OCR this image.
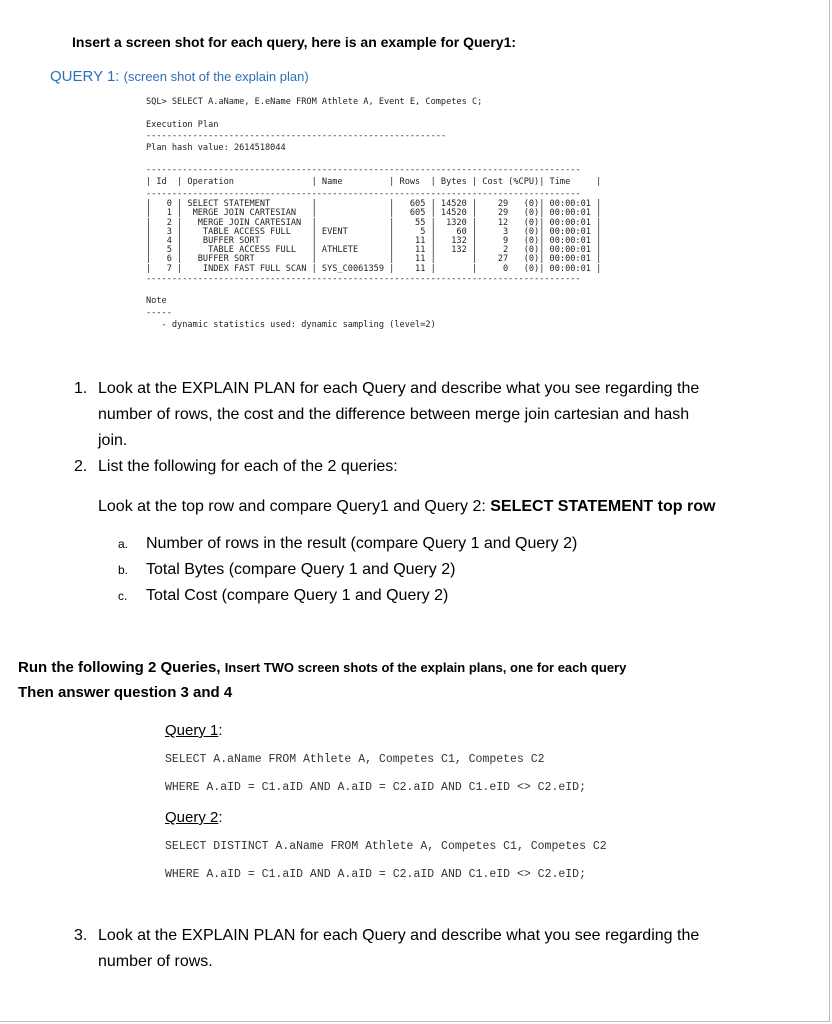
Insert a screen shot for each query, here is an example for Query1:
QUERY 1: (screen shot of the explain plan)
SQL> SELECT A.aName, E.eName FROM Athlete A, Event E, Competes C;
Execution Plan
----------------------------------------------------------
Plan hash value: 2614518044
------------------------------------------------------------------------------------
| Id  | Operation               | Name         | Rows  | Bytes | Cost (%CPU)| Time     |
------------------------------------------------------------------------------------
|   0 | SELECT STATEMENT        |              |   605 | 14520 |    29   (0)| 00:00:01 |
|   1 |  MERGE JOIN CARTESIAN   |              |   605 | 14520 |    29   (0)| 00:00:01 |
|   2 |   MERGE JOIN CARTESIAN  |              |    55 |  1320 |    12   (0)| 00:00:01 |
|   3 |    TABLE ACCESS FULL    | EVENT        |     5 |    60 |     3   (0)| 00:00:01 |
|   4 |    BUFFER SORT          |              |    11 |   132 |     9   (0)| 00:00:01 |
|   5 |     TABLE ACCESS FULL   | ATHLETE      |    11 |   132 |     2   (0)| 00:00:01 |
|   6 |   BUFFER SORT           |              |    11 |       |    27   (0)| 00:00:01 |
|   7 |    INDEX FAST FULL SCAN | SYS_C0061359 |    11 |       |     0   (0)| 00:00:01 |
------------------------------------------------------------------------------------
Note
-----
- dynamic statistics used: dynamic sampling (level=2)
1. Look at the EXPLAIN PLAN for each Query and describe what you see regarding the
number of rows, the cost and the difference between merge join cartesian and hash
join.
2. List the following for each of the 2 queries:
Look at the top row and compare Query1 and Query 2: SELECT STATEMENT top row
a. Number of rows in the result (compare Query 1 and Query 2)
b. Total Bytes (compare Query 1 and Query 2)
c. Total Cost (compare Query 1 and Query 2)
Run the following 2 Queries, Insert TWO screen shots of the explain plans, one for each query
Then answer question 3 and 4
Query 1:
SELECT A.aName FROM Athlete A, Competes C1, Competes C2
WHERE A.aID = C1.aID AND A.aID = C2.aID AND C1.eID <> C2.eID;
Query 2:
SELECT DISTINCT A.aName FROM Athlete A, Competes C1, Competes C2
WHERE A.aID = C1.aID AND A.aID = C2.aID AND C1.eID <> C2.eID;
3. Look at the EXPLAIN PLAN for each Query and describe what you see regarding the
number of rows.
